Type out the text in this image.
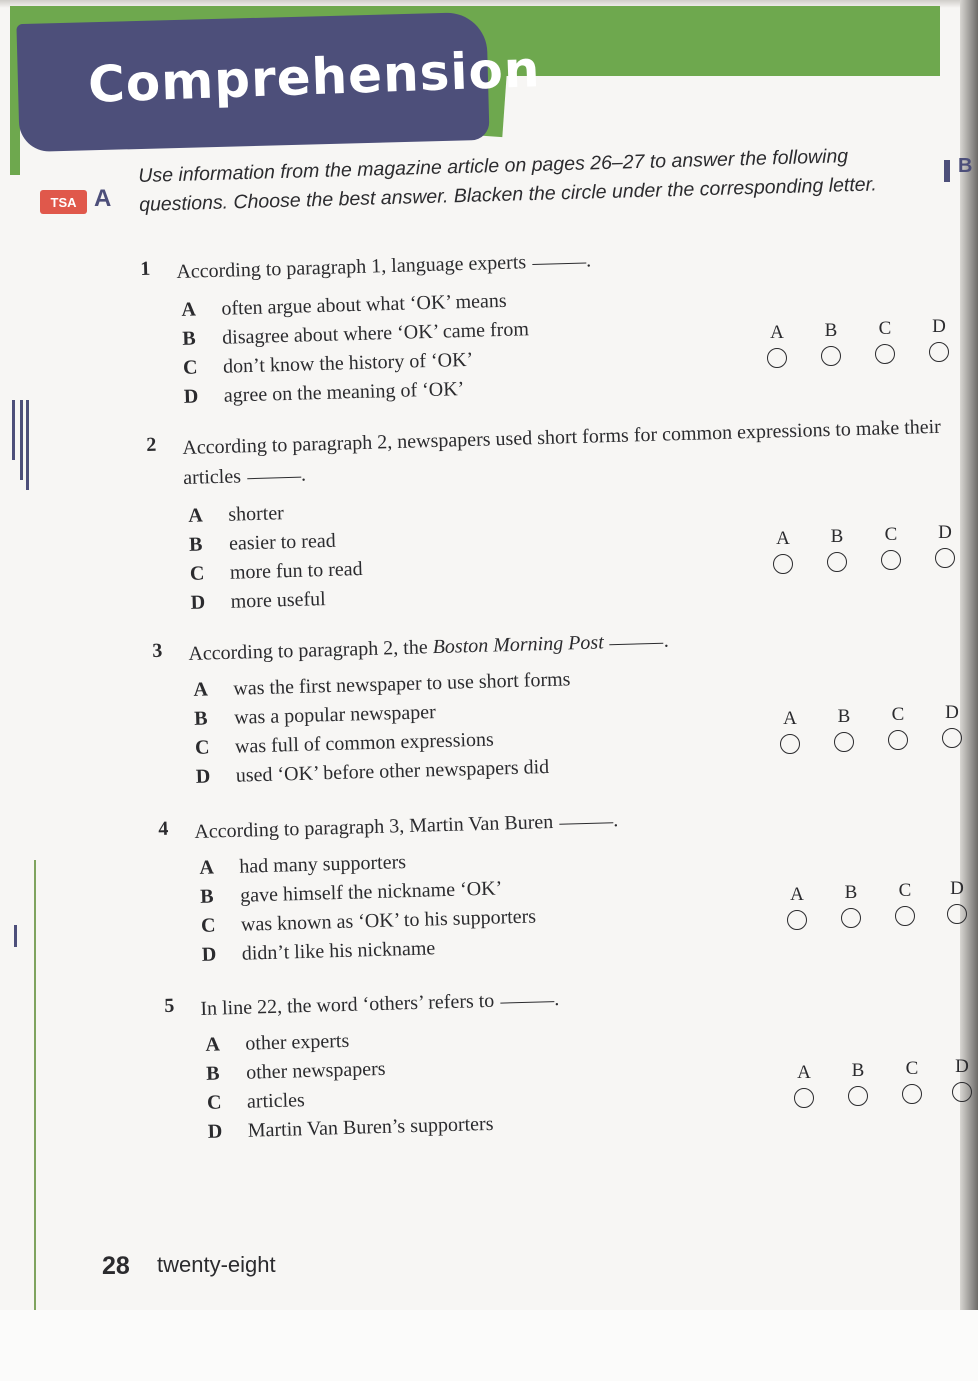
Comprehension
B
TSA A
Use information from the magazine article on pages 26–27 to answer the following questions. Choose the best answer. Blacken the circle under the corresponding letter.
1 According to paragraph 1, language experts	.
A often argue about what ‘OK’ means
B disagree about where ‘OK’ came from
C don’t know the history of ‘OK’
D agree on the meaning of ‘OK’
A	B	C	D
2 According to paragraph 2, newspapers used short forms for common expressions to make their articles	.
A shorter
B easier to read
C more fun to read
D more useful
A	B	C	D
3 According to paragraph 2, the Boston Morning Post	.
A was the first newspaper to use short forms
B was a popular newspaper
C was full of common expressions
D used ‘OK’ before other newspapers did
A	B	C	D
4 According to paragraph 3, Martin Van Buren	.
A had many supporters
B gave himself the nickname ‘OK’
C was known as ‘OK’ to his supporters
D didn’t like his nickname
A	B	C	D
5 In line 22, the word ‘others’ refers to	.
A other experts
B other newspapers
C articles
D Martin Van Buren’s supporters
A	B	C	D
28 twenty-eight
